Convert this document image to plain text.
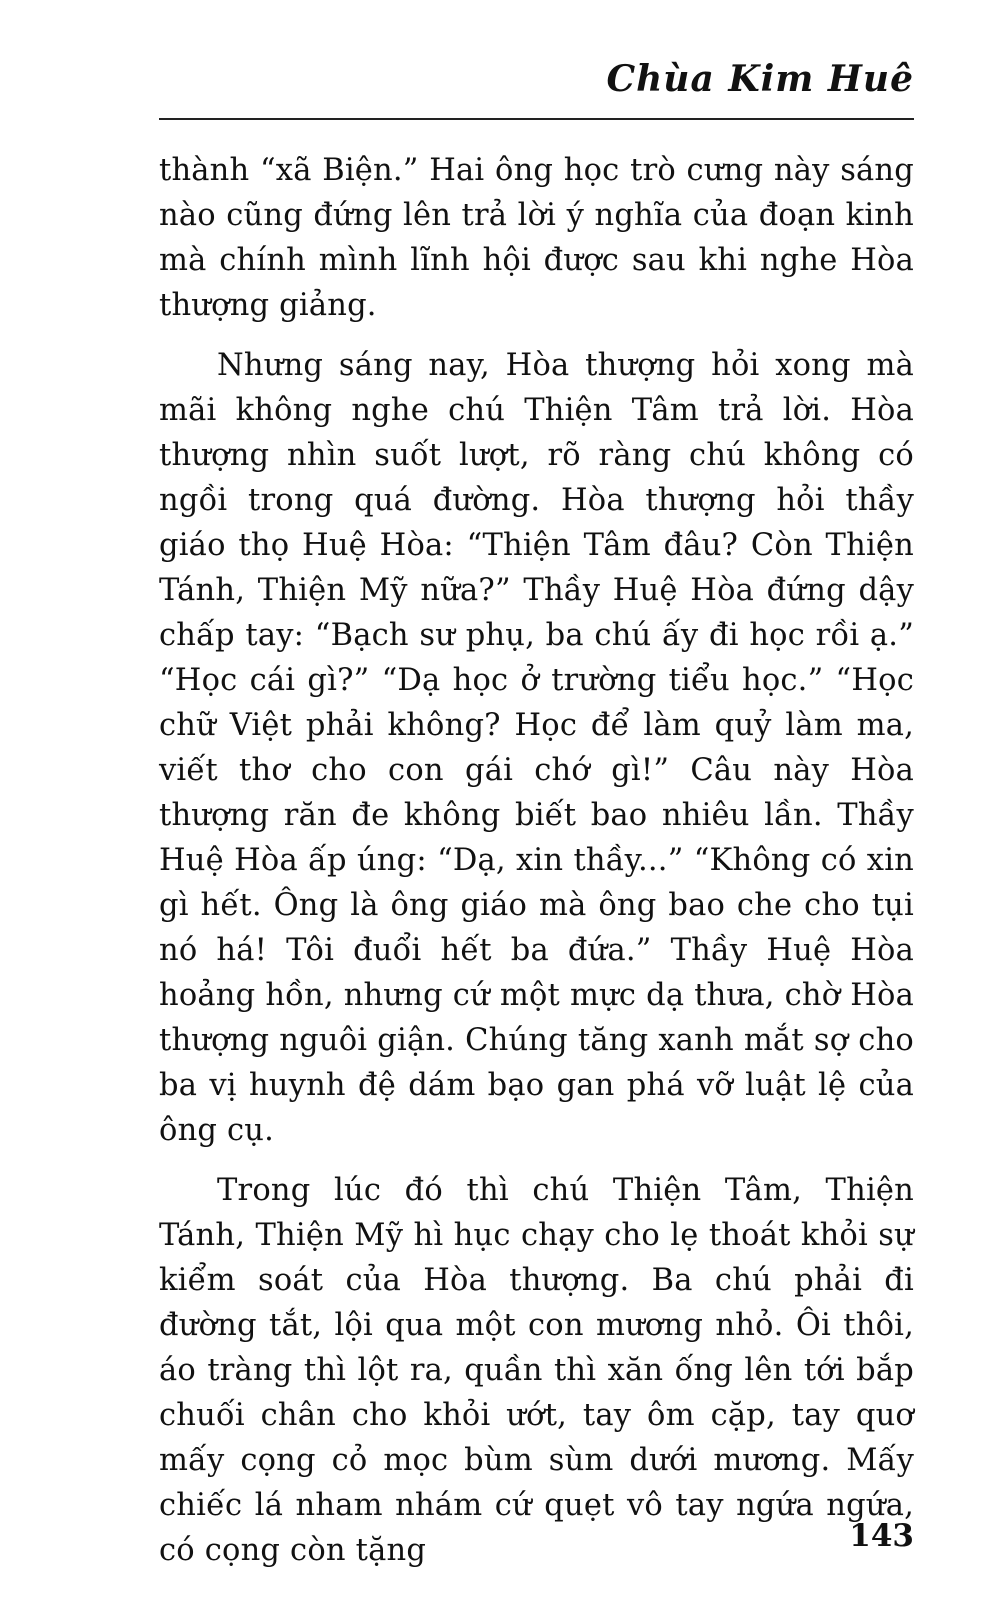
Chùa Kim Huê

thành “xã Biện.” Hai ông học trò cưng này sáng nào cũng đứng lên trả lời ý nghĩa của đoạn kinh mà chính mình lĩnh hội được sau khi nghe Hòa thượng giảng.

Nhưng sáng nay, Hòa thượng hỏi xong mà mãi không nghe chú Thiện Tâm trả lời. Hòa thượng nhìn suốt lượt, rõ ràng chú không có ngồi trong quá đường. Hòa thượng hỏi thầy giáo thọ Huệ Hòa: “Thiện Tâm đâu? Còn Thiện Tánh, Thiện Mỹ nữa?” Thầy Huệ Hòa đứng dậy chấp tay: “Bạch sư phụ, ba chú ấy đi học rồi ạ.” “Học cái gì?” “Dạ học ở trường tiểu học.” “Học chữ Việt phải không? Học để làm quỷ làm ma, viết thơ cho con gái chớ gì!” Câu này Hòa thượng răn đe không biết bao nhiêu lần. Thầy Huệ Hòa ấp úng: “Dạ, xin thầy...” “Không có xin gì hết. Ông là ông giáo mà ông bao che cho tụi nó há! Tôi đuổi hết ba đứa.” Thầy Huệ Hòa hoảng hồn, nhưng cứ một mực dạ thưa, chờ Hòa thượng nguôi giận. Chúng tăng xanh mắt sợ cho ba vị huynh đệ dám bạo gan phá vỡ luật lệ của ông cụ.

Trong lúc đó thì chú Thiện Tâm, Thiện Tánh, Thiện Mỹ hì hục chạy cho lẹ thoát khỏi sự kiểm soát của Hòa thượng. Ba chú phải đi đường tắt, lội qua một con mương nhỏ. Ôi thôi, áo tràng thì lột ra, quần thì xăn ống lên tới bắp chuối chân cho khỏi ướt, tay ôm cặp, tay quơ mấy cọng cỏ mọc bùm sùm dưới mương. Mấy chiếc lá nham nhám cứ quẹt vô tay ngứa ngứa, có cọng còn tặng	143
